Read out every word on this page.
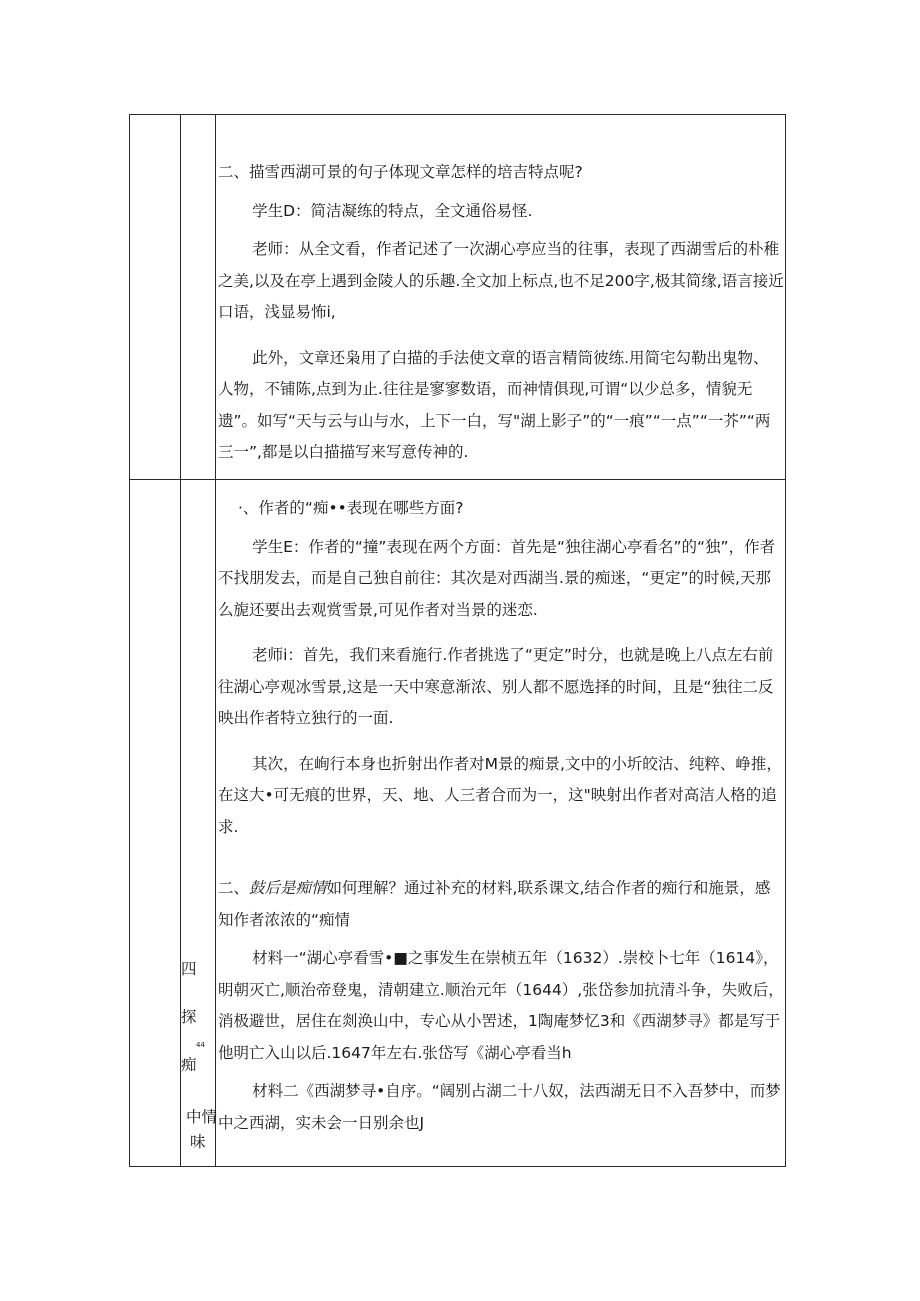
二、描雪西湖可景的句子体现文章怎样的培吉特点呢?

学生D：简洁凝练的特点，全文通俗易怪.

老师：从全文看，作者记述了一次湖心亭应当的往事，表现了西湖雪后的朴稚之美,以及在亭上遇到金陵人的乐趣.全文加上标点,也不足200字,极其简缘,语言接近口语，浅显易怖i,

此外，文章还枭用了白描的手法使文章的语言精筒彼练.用简宅勾勒出鬼物、人物，不铺陈,点到为止.往往是寥寥数语，而神情俱现,可谓“以少总多，情貌无遗”。如写“天与云与山与水，上下一白，写"湖上影子”的“一痕”“一点”“一芥”“两三一”,都是以白描描写来写意传神的.

·、作者的“痴••表现在哪些方面?

学生E：作者的“撞”表现在两个方面：首先是“独往湖心亭看名”的“独”，作者不找朋发去，而是自己独自前往：其次是对西湖当.景的痴迷，“更定”的时候,天那么旎还要出去观赏雪景,可见作者对当景的迷恋.

老师i：首先，我们来看施行.作者挑选了“更定”时分，也就是晚上八点左右前往湖心亭观冰雪景,这是一天中寒意渐浓、别人都不愿选择的时间，且是“独往二反映出作者特立独行的一面.

其次，在峋行本身也折射出作者对M景的痴景,文中的小圻皎沽、纯粹、峥推，在这大•可无痕的世界，天、地、人三者合而为一，这"映射出作者对高洁人格的追求.

二、鼓后是痴情如何理解？通过补充的材料,联系课文,结合作者的痴行和施景，感知作者浓浓的“痴情

材料一“湖心亭看雪•■之事发生在崇桢五年（1632）.崇校卜七年（1614》，明朝灭亡,顺治帝登鬼，清朝建立.顺治元年（1644）,张岱参加抗清斗争，失败后，消极避世，居住在剡涣山中，专心从小罟述，1陶庵梦忆3和《西湖梦寻》都是写于他明亡入山以后.1647年左右.张岱写《湖心亭看当h

材料二《西湖梦寻•自序。“阔别占湖二十八奴，法西湖无日不入吾梦中，而梦中之西湖，实未会一日别余也J

四
探
44
痴
中情
味
